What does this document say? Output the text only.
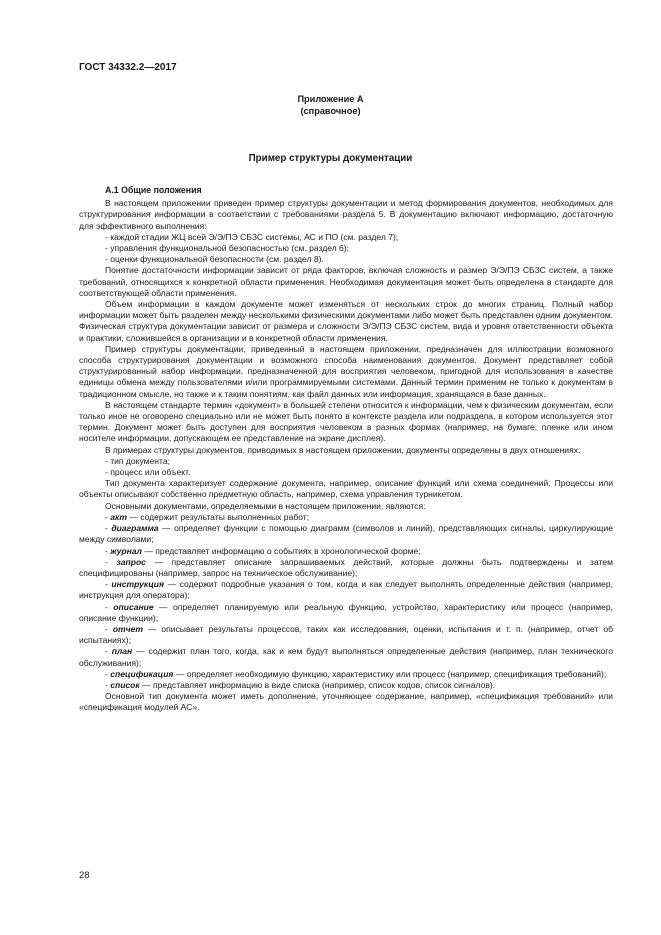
ГОСТ 34332.2—2017
Приложение А
(справочное)
Пример структуры документации
А.1 Общие положения

В настоящем приложении приведен пример структуры документации и метод формирования документов, необходимых для структурирования информации в соответствии с требованиями раздела 5. В документацию включают информацию, достаточную для эффективного выполнения:

- каждой стадии ЖЦ всей Э/Э/ПЭ СБЗС системы, АС и ПО (см. раздел 7);
- управления функциональной безопасностью (см. раздел 6);
- оценки функциональной безопасности (см. раздел 8).

Понятие достаточности информации зависит от ряда факторов, включая сложность и размер Э/Э/ПЭ СБЗС систем, а также требований, относящихся к конкретной области применения. Необходимая документация может быть определена в стандарте для соответствующей области применения.

Объем информации в каждом документе может изменяться от нескольких строк до многих страниц. Полный набор информации может быть разделен между несколькими физическими документами либо может быть представлен одним документом. Физическая структура документации зависит от размера и сложности Э/Э/ПЭ СБЗС систем, вида и уровня ответственности объекта и практики, сложившейся в организации и в конкретной области применения.

Пример структуры документации, приведенный в настоящем приложении, предназначен для иллюстрации возможного способа структурирования документации и возможного способа наименования документов. Документ представляет собой структурированный набор информации, предназначенной для восприятия человеком, пригодной для использования в качестве единицы обмена между пользователями и/или программируемыми системами. Данный термин применим не только к документам в традиционном смысле, но также и к таким понятиям, как файл данных или информация, хранящаяся в базе данных.

В настоящем стандарте термин «документ» в большей степени относится к информации, чем к физическим документам, если только иное не оговорено специально или не может быть понято в контексте раздела или подраздела, в котором используется этот термин. Документ может быть доступен для восприятия человеком в разных формах (например, на бумаге, пленке или ином носителе информации, допускающем ее представление на экране дисплея).

В примерах структуры документов, приводимых в настоящем приложении, документы определены в двух отношениях:

- тип документа;
- процесс или объект.

Тип документа характеризует содержание документа, например, описание функций или схема соединений. Процессы или объекты описывают собственно предметную область, например, схема управления турникетом.

Основными документами, определяемыми в настоящем приложении, являются:

- акт — содержит результаты выполненных работ;
- диаграмма — определяет функции с помощью диаграмм (символов и линий), представляющих сигналы, циркулирующие между символами;
- журнал — представляет информацию о событиях в хронологической форме;
- запрос — представляет описание запрашиваемых действий, которые должны быть подтверждены и затем специфицированы (например, запрос на техническое обслуживание);
- инструкция — содержит подробные указания о том, когда и как следует выполнять определенные действия (например, инструкция для оператора);
- описание — определяет планируемую или реальную функцию, устройство, характеристику или процесс (например, описание функции);
- отчет — описывает результаты процессов, таких как исследования, оценки, испытания и т. п. (например, отчет об испытаниях);
- план — содержит план того, когда, как и кем будут выполняться определенные действия (например, план технического обслуживания);
- спецификация — определяет необходимую функцию, характеристику или процесс (например, спецификация требований);
- список — представляет информацию в виде списка (например, список кодов, список сигналов).

Основной тип документа может иметь дополнение, уточняющее содержание, например, «спецификация требований» или «спецификация модулей АС».

28
